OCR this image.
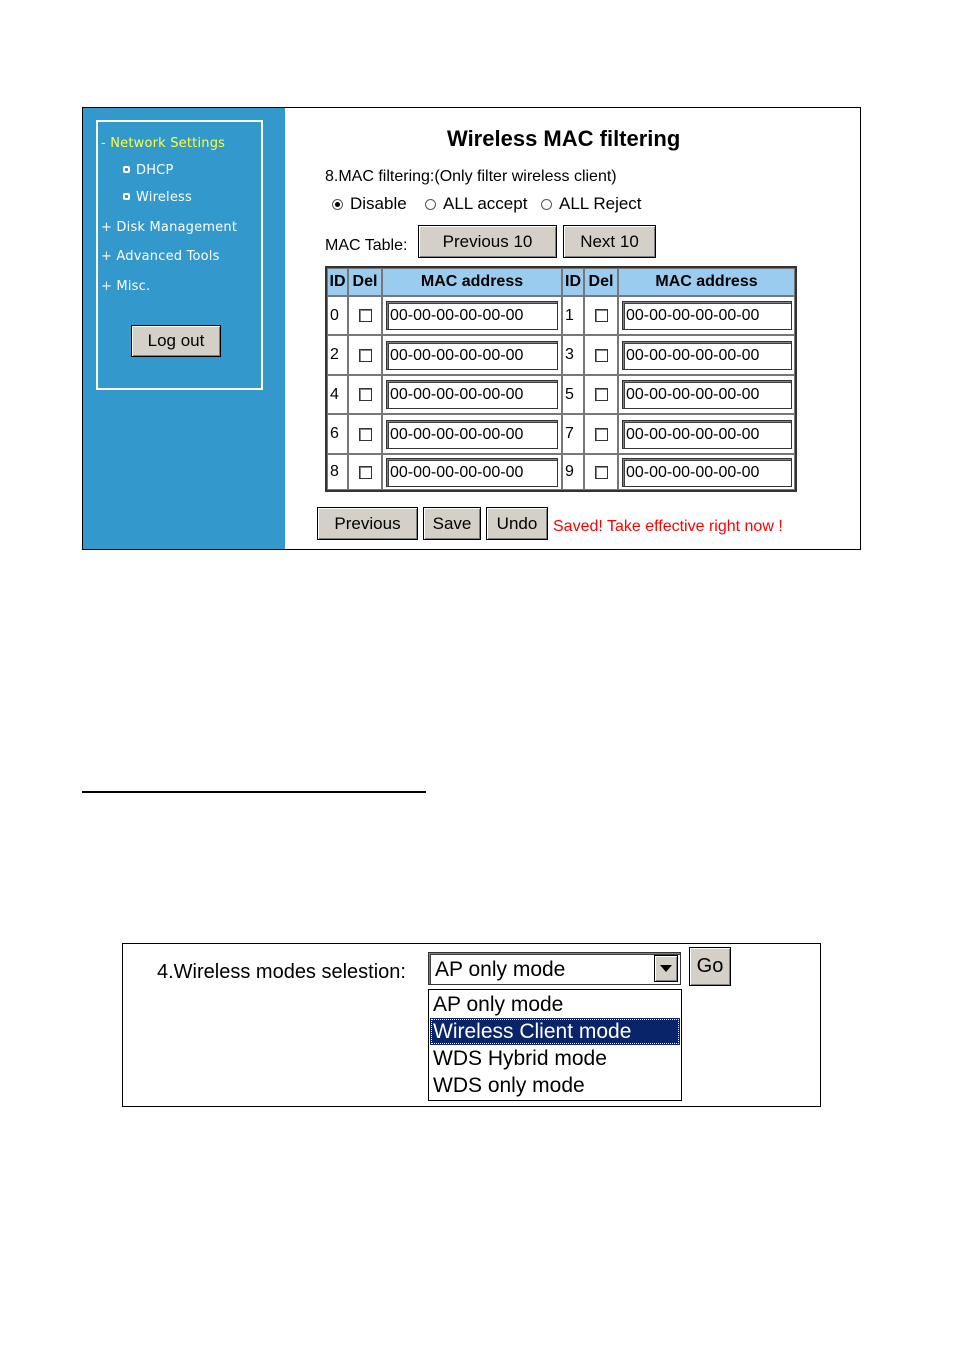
- Network Settings
DHCP
Wireless
+ Disk Management
+ Advanced Tools
+ Misc.
Log out
Wireless MAC filtering
8.MAC filtering:(Only filter wireless client)
Disable ALL accept ALL Reject
MAC Table:	Previous 10	Next 10
ID Del	MAC address	ID Del	MAC address
0	00-00-00-00-00-00	1	00-00-00-00-00-00
2	00-00-00-00-00-00	3	00-00-00-00-00-00
4	00-00-00-00-00-00	5	00-00-00-00-00-00
6	00-00-00-00-00-00	7	00-00-00-00-00-00
8	00-00-00-00-00-00	9	00-00-00-00-00-00
Previous	Save	Undo Saved! Take effective right now !
4.Wireless modes selestion: AP only mode	Go
AP only mode
Wireless Client mode
WDS Hybrid mode
WDS only mode
